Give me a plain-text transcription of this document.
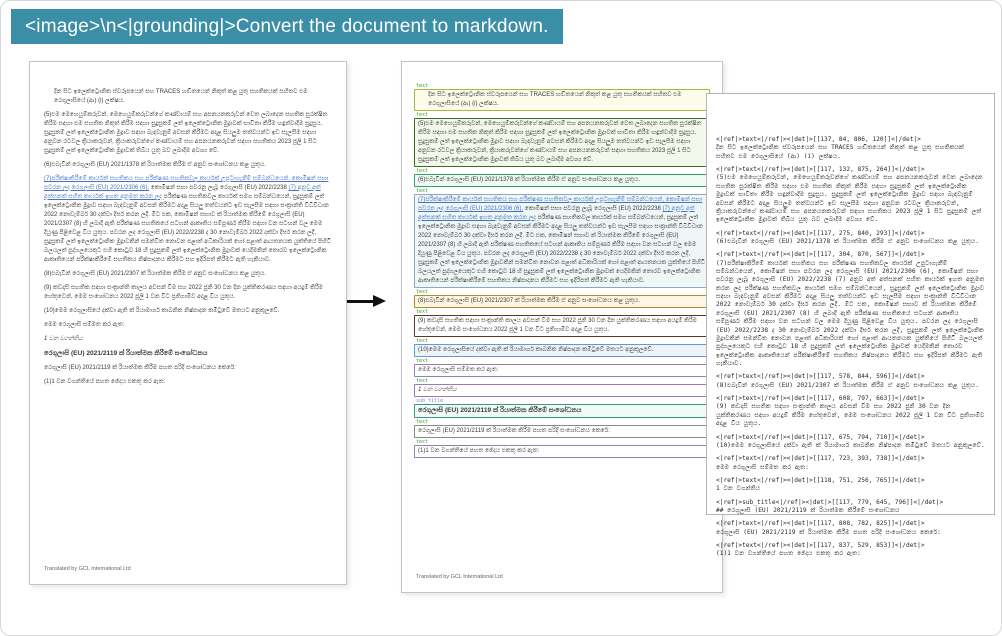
<image>\n<|grounding|>Convert the document to markdown.
දින සිට ඉලෙක්ට්‍රොනික ස්වරූපයෙන් සහ TRACES හඬිතයෙන් නිකුත් කළ යුතු සහතිකයක් සහිතව එම රෙගුලාසියේ (ආ) (i) ලක්ෂය.
(5)එම මෙහෙයුම්කරුවන්, මෙහෙයුම්කරුවන්ගේ කණ්ඩායම් සහ අපනයනකරුවන් වෙත ලබාදෙන සහතික සුරක්ෂිත කිරීම සඳහා එම සහතික නිකුත් කිරීම සඳහා සුදුසුකම් ලත් ඉලෙක්ට්‍රොනික මුද්‍රාවක් භාවිතා කිරීම හඳුන්වාදීම සුදුසුය. සුදුසුකම් ලත් ඉලෙක්ට්‍රොනික මුද්‍රාව සඳහා බැඳවැනුම් අවසන් කිරීමට අදාළ සියලුම තත්වයන්ට ඉඩ සැලසීම සඳහා අනුවන රටවල ක්‍රියාකරුවන්, ක්‍රියාකරුවන්ගේ කණ්ඩායම් සහ අපනයනකරුවන් සඳහා සහතිකය 2023 ජූලි 1 සිට සුදුසුකම් ලත් ඉලෙක්ට්‍රොනික මුද්‍රාවක් තිබිය යුතු බව ලබාදීම අවශ්‍ය වේ.
(6)එබැවින් රෙගුලාසි (EU) 2021/1378 ක් රියාත්මක කිරීම ඒ අනුව සංශෝධනය කළ යුතුය.
(7)පරීක්ෂාකිරීමේ කාර්යක් සහතිකය සහ පරීක්ෂණ සහතිකවල කාර්යක් උපුටාගැනීම් සම්බන්ධයෙන්, කොමිෂන් සභා පවරන ලද රෙගුලාසි (EU) 2021/2306 (6), කොමිෂන් සභා පවරනු ලැබූ රෙගුලාසි (EU) 2022/2238 (7) අනුව අත් අත්සනක් සහිත කාර්යක් ඉහත අනුමත කරන ලද පරීක්ෂණ සහතිකවල කාර්යක් සමග සම්බන්ධයෙන්, සුදුසුකම් ලත් ඉලෙක්ට්‍රොනික මුද්‍රාව සඳහා බැඳවැනුම් අවසන් කිරීමට අදාළ සියලු තත්වයන්ට ඉඩ සැලසීම සඳහා සංක්‍රාන්ති විධිවිධාන 2022 නොවැම්බර් 30 දක්වා දීර්ඝ කරන ලදී. මීට එක, කොමිෂන් සභාව ක් රියාත්මක කිරීමේ රෙගුලාසි (EU) 2021/2307 (8) හි ලබාදී ඇති පරීක්ෂණ සහතිකයේ සටහන් ආකෘතිය සම්පූර්ණ කිරීම සඳහා වන සටහන් වල මෙම දියුණු පිළිවෙළ විය යුතුය. පවරන ලද රෙගුලාසි (EU) 2022/2238 ද 30 නොවැම්බර් 2022 දක්වා දීර්ඝ කරන ලදී, සුදුසුකම් ලත් ඉලෙක්ට්‍රොනික මුද්‍රාවකින් සමන්විත නොවන පළාත් අධිකාරියක් හෝ පළාත් ආයතනයක යුක්තියේ පිහිටි බලයලත් පුද්ගලයෙකුට එහි කොටුව 18 හි සුදුසුකම් ලත් ඉලෙක්ට්‍රොනික මුද්‍රාවක් යෙදීමකින් තොරව ඉලෙක්ට්‍රොනික ආකෘතියෙන් පරීක්ෂාකිරීමේ සහතිකය නිෂ්පාදනය කිරීමට සහ ඉදිරිපත් කිරීමට ඇති හැකියාව.
(8)එබැවින් රෙගුලාසි (EU) 2021/2307 ක් රියාත්මක කිරීම ඒ අනුව සංශෝධනය කළ යුතුය.
(9) කඩදාසි සහතික සඳහා සංක්‍රාන්ති කාලය අවසන් වීම සහ 2022 ජුනි 30 වන දින යුක්තිකරණය සඳහා අයදුම් කිරීම හේතුවෙන්, මෙම සංශෝධනය 2022 ජූලි 1 වන විට ප්‍රතිගාමීව අදාළ විය යුතුය.
(10)මෙම රෙගුලාසියේ දක්වා ඇති ක් රියාමාර්ග කාබනික නිෂ්පාදන කමිටුවේ මතයට අනුකූලවේ.
මෙම රෙගුලාසි සම්මත කර ඇත:
1 වන වගන්තිය
රෙගුලාසි (EU) 2021/2119 ක් රියාත්මක කිරීමේ සංශෝධනය
රෙගුලාසි (EU) 2021/2119 ක් රියාත්මක කිරීම පහත පරිදි සංශෝධනය කෙරේ:
(1)1 වන වගන්තියේ පහත ඡේදය එකතු කර ඇත:
Translated by GCL International Ltd
text
දින සිට ඉලෙක්ට්‍රොනික ස්වරූපයෙන් සහ TRACES හඬිතයෙන් නිකුත් කළ යුතු සහතිකයක් සහිතව එම රෙගුලාසියේ (ආ) (i) ලක්ෂය.
text
(5)එම මෙහෙයුම්කරුවන්, මෙහෙයුම්කරුවන්ගේ කණ්ඩායම් සහ අපනයනකරුවන් වෙත ලබාදෙන සහතික සුරක්ෂිත කිරීම සඳහා එම සහතික නිකුත් කිරීම සඳහා සුදුසුකම් ලත් ඉලෙක්ට්‍රොනික මුද්‍රාවක් භාවිතා කිරීම හඳුන්වාදීම සුදුසුය. සුදුසුකම් ලත් ඉලෙක්ට්‍රොනික මුද්‍රාව සඳහා බැඳවැනුම් අවසන් කිරීමට අදාළ සියලුම තත්වයන්ට ඉඩ සැලසීම සඳහා අනුවන රටවල ක්‍රියාකරුවන්, ක්‍රියාකරුවන්ගේ කණ්ඩායම් සහ අපනයනකරුවන් සඳහා සහතිකය 2023 ජූලි 1 සිට සුදුසුකම් ලත් ඉලෙක්ට්‍රොනික මුද්‍රාවක් තිබිය යුතු බව ලබාදීම අවශ්‍ය වේ.
text
(6)එබැවින් රෙගුලාසි (EU) 2021/1378 ක් රියාත්මක කිරීම ඒ අනුව සංශෝධනය කළ යුතුය.
text
(7)පරීක්ෂාකිරීමේ කාර්යක් සහතිකය සහ පරීක්ෂණ සහතිකවල කාර්යක් උපුටාගැනීම් සම්බන්ධයෙන්, කොමිෂන් සභා පවරන ලද රෙගුලාසි (EU) 2021/2306 (6), කොමිෂන් සභා පවරනු ලැබූ රෙගුලාසි (EU) 2022/2238 (7) අනුව අත් අත්සනක් සහිත කාර්යක් ඉහත අනුමත කරන ලද පරීක්ෂණ සහතිකවල කාර්යක් සමග සම්බන්ධයෙන්, සුදුසුකම් ලත් ඉලෙක්ට්‍රොනික මුද්‍රාව සඳහා බැඳවැනුම් අවසන් කිරීමට අදාළ සියලු තත්වයන්ට ඉඩ සැලසීම සඳහා සංක්‍රාන්ති විධිවිධාන 2022 නොවැම්බර් 30 දක්වා දීර්ඝ කරන ලදී. මීට එක, කොමිෂන් සභාව ක් රියාත්මක කිරීමේ රෙගුලාසි (EU) 2021/2307 (8) හි ලබාදී ඇති පරීක්ෂණ සහතිකයේ සටහන් ආකෘතිය සම්පූර්ණ කිරීම සඳහා වන සටහන් වල මෙම දියුණු පිළිවෙළ විය යුතුය. පවරන ලද රෙගුලාසි (EU) 2022/2238 ද 30 නොවැම්බර් 2022 දක්වා දීර්ඝ කරන ලදී, සුදුසුකම් ලත් ඉලෙක්ට්‍රොනික මුද්‍රාවකින් සමන්විත නොවන පළාත් අධිකාරියක් හෝ පළාත් ආයතනයක යුක්තියේ පිහිටි බලයලත් පුද්ගලයෙකුට එහි කොටුව 18 හි සුදුසුකම් ලත් ඉලෙක්ට්‍රොනික මුද්‍රාවක් යෙදීමකින් තොරව ඉලෙක්ට්‍රොනික ආකෘතියෙන් පරීක්ෂාකිරීමේ සහතිකය නිෂ්පාදනය කිරීමට සහ ඉදිරිපත් කිරීමට ඇති හැකියාව.
text
(8)එබැවින් රෙගුලාසි (EU) 2021/2307 ක් රියාත්මක කිරීම ඒ අනුව සංශෝධනය කළ යුතුය.
text
(9) කඩදාසි සහතික සඳහා සංක්‍රාන්ති කාලය අවසන් වීම සහ 2022 ජුනි 30 වන දින යුක්තිකරණය සඳහා අයදුම් කිරීම හේතුවෙන්, මෙම සංශෝධනය 2022 ජූලි 1 වන විට ප්‍රතිගාමීව අදාළ විය යුතුය.
text
(10)මෙම රෙගුලාසියේ දක්වා ඇති ක් රියාමාර්ග කාබනික නිෂ්පාදන කමිටුවේ මතයට අනුකූලවේ.
text
මෙම රෙගුලාසි සම්මත කර ඇත:
text
1 වන වගන්තිය
sub_title
රෙගුලාසි (EU) 2021/2119 ක් රියාත්මක කිරීමේ සංශෝධනය
text
රෙගුලාසි (EU) 2021/2119 ක් රියාත්මක කිරීම පහත පරිදි සංශෝධනය කෙරේ:
text
(1)1 වන වගන්තියේ පහත ඡේදය එකතු කර ඇත:
Translated by GCL International Ltd
<|ref|>text<|/ref|><|det|>[[137, 84, 806, 120]]<|/det|>
දින සිට ඉලෙක්ට්‍රොනික ස්වරූපයෙන් සහ TRACES හඬිතයෙන් නිකුත් කළ යුතු සහතිකයක් සහිතව එම රෙගුලාසියේ (ආ) (i) ලක්ෂය.
<|ref|>text<|/ref|><|det|>[[117, 132, 875, 264]]<|/det|>
(5)එම මෙහෙයුම්කරුවන්, මෙහෙයුම්කරුවන්ගේ කණ්ඩායම් සහ අපනයනකරුවන් වෙත ලබාදෙන සහතික සුරක්ෂිත කිරීම සඳහා එම සහතික නිකුත් කිරීම සඳහා සුදුසුකම් ලත් ඉලෙක්ට්‍රොනික මුද්‍රාවක් භාවිතා කිරීම හඳුන්වාදීම සුදුසුය. සුදුසුකම් ලත් ඉලෙක්ට්‍රොනික මුද්‍රාව සඳහා බැඳවැනුම් අවසන් කිරීමට අදාළ සියලුම තත්වයන්ට ඉඩ සැලසීම සඳහා අනුවන රටවල ක්‍රියාකරුවන්, ක්‍රියාකරුවන්ගේ කණ්ඩායම් සහ අපනයනකරුවන් සඳහා සහතිකය 2023 ජූලි 1 සිට සුදුසුකම් ලත් ඉලෙක්ට්‍රොනික මුද්‍රාවක් තිබිය යුතු බව ලබාදීම අවශ්‍ය වේ.
<|ref|>text<|/ref|><|det|>[[117, 275, 840, 293]]<|/det|>
(6)එබැවින් රෙගුලාසි (EU) 2021/1378 ක් රියාත්මක කිරීම ඒ අනුව සංශෝධනය කළ යුතුය.
<|ref|>text<|/ref|><|det|>[[117, 304, 870, 567]]<|/det|>
(7)පරීක්ෂාකිරීමේ කාර්යක් සහතිකය සහ පරීක්ෂණ සහතිකවල කාර්යක් උපුටාගැනීම් සම්බන්ධයෙන්, කොමිෂන් සභා පවරන ලද රෙගුලාසි (EU) 2021/2306 (6), කොමිෂන් සභා පවරනු ලැබූ රෙගුලාසි (EU) 2022/2238 (7) අනුව අත් අත්සනක් සහිත කාර්යක් ඉහත අනුමත කරන ලද පරීක්ෂණ සහතිකවල කාර්යක් සමග සම්බන්ධයෙන්, සුදුසුකම් ලත් ඉලෙක්ට්‍රොනික මුද්‍රාව සඳහා බැඳවැනුම් අවසන් කිරීමට අදාළ සියලු තත්වයන්ට ඉඩ සැලසීම සඳහා සංක්‍රාන්ති විධිවිධාන 2022 නොවැම්බර් 30 දක්වා දීර්ඝ කරන ලදී. මීට එක, කොමිෂන් සභාව ක් රියාත්මක කිරීමේ රෙගුලාසි (EU) 2021/2307 (8) හි ලබාදී ඇති පරීක්ෂණ සහතිකයේ සටහන් ආකෘතිය සම්පූර්ණ කිරීම සඳහා වන සටහන් වල මෙම දියුණු පිළිවෙළ විය යුතුය. පවරන ලද රෙගුලාසි (EU) 2022/2238 ද 30 නොවැම්බර් 2022 දක්වා දීර්ඝ කරන ලදී, සුදුසුකම් ලත් ඉලෙක්ට්‍රොනික මුද්‍රාවකින් සමන්විත නොවන පළාත් අධිකාරියක් හෝ පළාත් ආයතනයක යුක්තියේ පිහිටි බලයලත් පුද්ගලයෙකුට එහි කොටුව 18 හි සුදුසුකම් ලත් ඉලෙක්ට්‍රොනික මුද්‍රාවක් යෙදීමකින් තොරව ඉලෙක්ට්‍රොනික ආකෘතියෙන් පරීක්ෂාකිරීමේ සහතිකය නිෂ්පාදනය කිරීමට සහ ඉදිරිපත් කිරීමට ඇති හැකියාව.
<|ref|>text<|/ref|><|det|>[[117, 578, 844, 596]]<|/det|>
(8)එබැවින් රෙගුලාසි (EU) 2021/2307 ක් රියාත්මක කිරීම ඒ අනුව සංශෝධනය කළ යුතුය.
<|ref|>text<|/ref|><|det|>[[117, 608, 797, 663]]<|/det|>
(9) කඩදාසි සහතික සඳහා සංක්‍රාන්ති කාලය අවසන් වීම සහ 2022 ජුනි 30 වන දින යුක්තිකරණය සඳහා අයදුම් කිරීම හේතුවෙන්, මෙම සංශෝධනය 2022 ජූලි 1 වන විට ප්‍රතිගාමීව අදාළ විය යුතුය.
<|ref|>text<|/ref|><|det|>[[117, 675, 794, 710]]<|/det|>
(10)මෙම රෙගුලාසියේ දක්වා ඇති ක් රියාමාර්ග කාබනික නිෂ්පාදන කමිටුවේ මතයට අනුකූලවේ.
<|ref|>text<|/ref|><|det|>[[117, 723, 393, 738]]<|/det|>
මෙම රෙගුලාසි සම්මත කර ඇත:
<|ref|>text<|/ref|><|det|>[[118, 751, 256, 765]]<|/det|>
1 වන වගන්තිය
<|ref|>sub_title<|/ref|><|det|>[[117, 779, 645, 796]]<|/det|>
## රෙගුලාසි (EU) 2021/2119 ක් රියාත්මක කිරීමේ සංශෝධනය
<|ref|>text<|/ref|><|det|>[[117, 808, 782, 825]]<|/det|>
රෙගුලාසි (EU) 2021/2119 ක් රියාත්මක කිරීම පහත පරිදි සංශෝධනය කෙරේ:
<|ref|>text<|/ref|><|det|>[[117, 837, 529, 853]]<|/det|>
(1)1 වන වගන්තියේ පහත ඡේදය එකතු කර ඇත:
